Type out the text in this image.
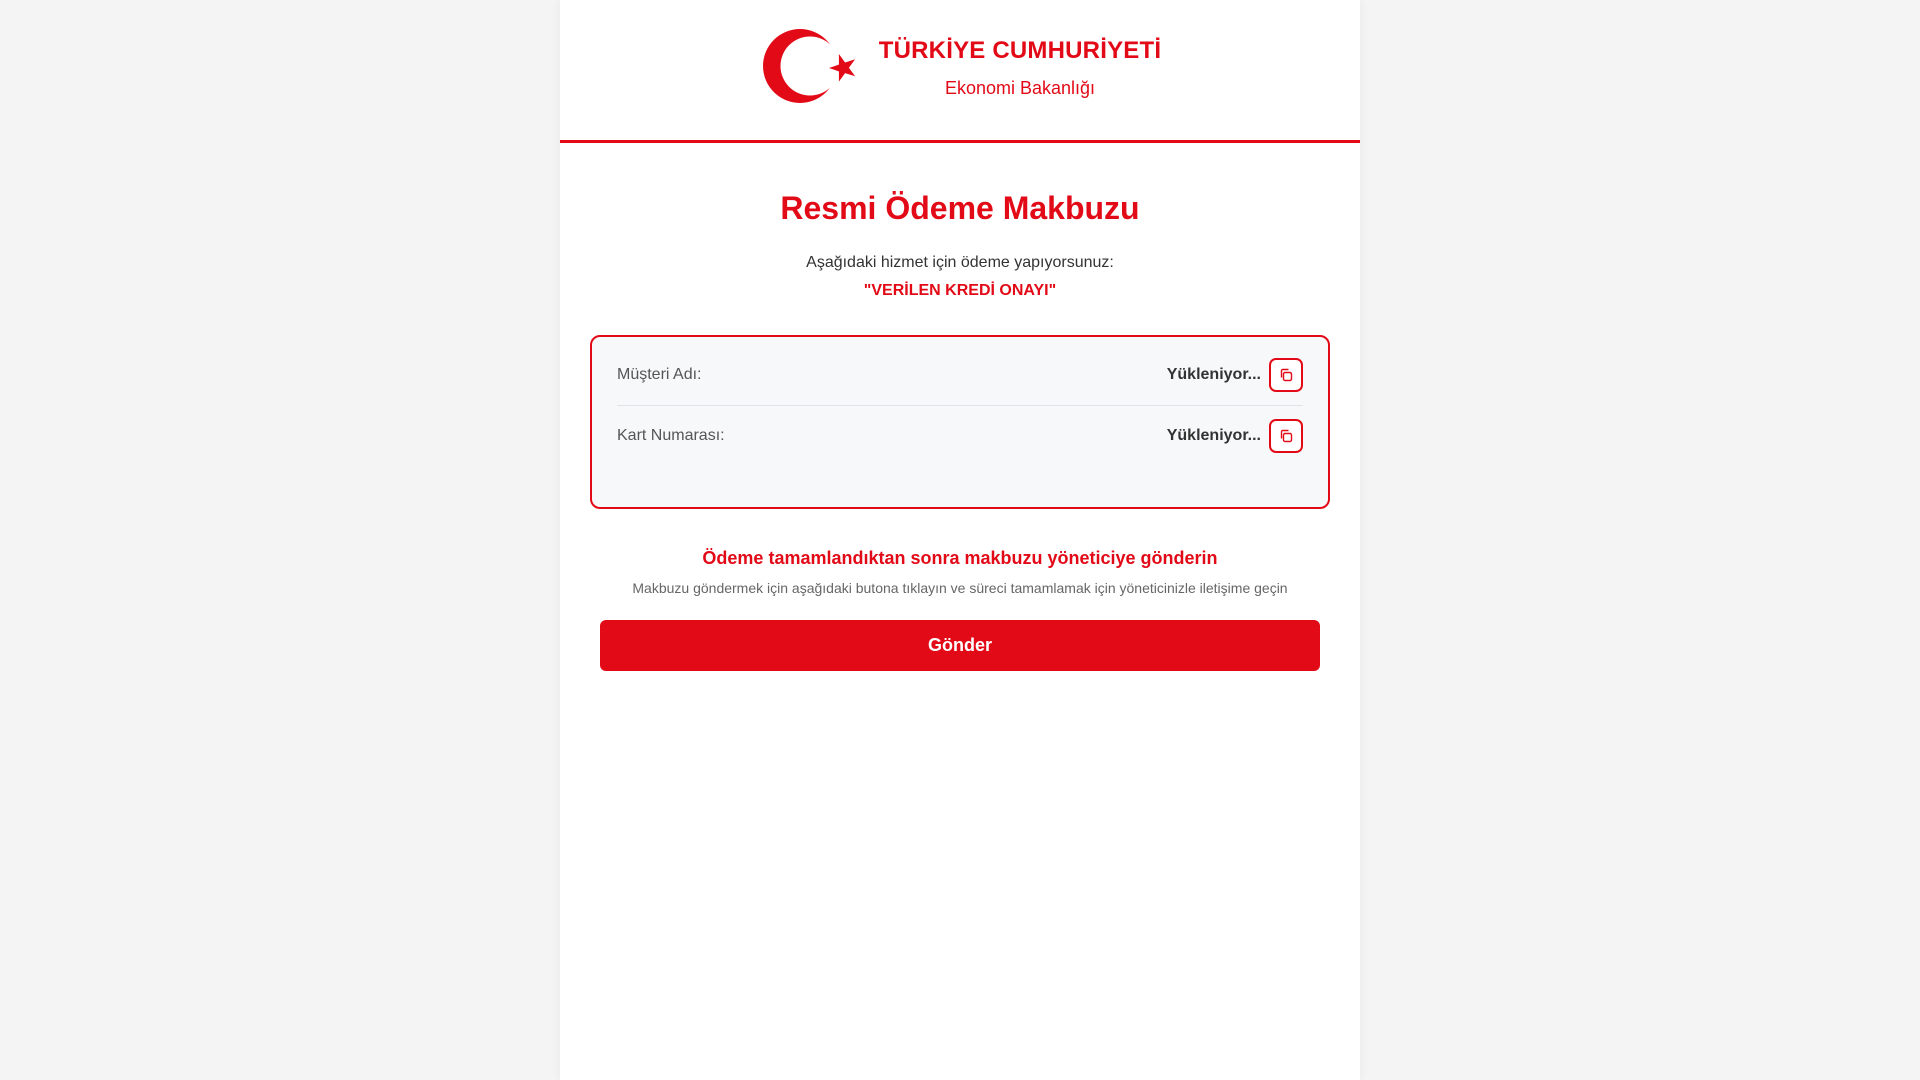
TÜRKİYE CUMHURİYETİ
Ekonomi Bakanlığı
Resmi Ödeme Makbuzu
Aşağıdaki hizmet için ödeme yapıyorsunuz:
"VERİLEN KREDİ ONAYI"
Müşteri Adı:	Yükleniyor...
Kart Numarası:	Yükleniyor...
Ödeme tamamlandıktan sonra makbuzu yöneticiye gönderin
Makbuzu göndermek için aşağıdaki butona tıklayın ve süreci tamamlamak için yöneticinizle iletişime geçin
Gönder
